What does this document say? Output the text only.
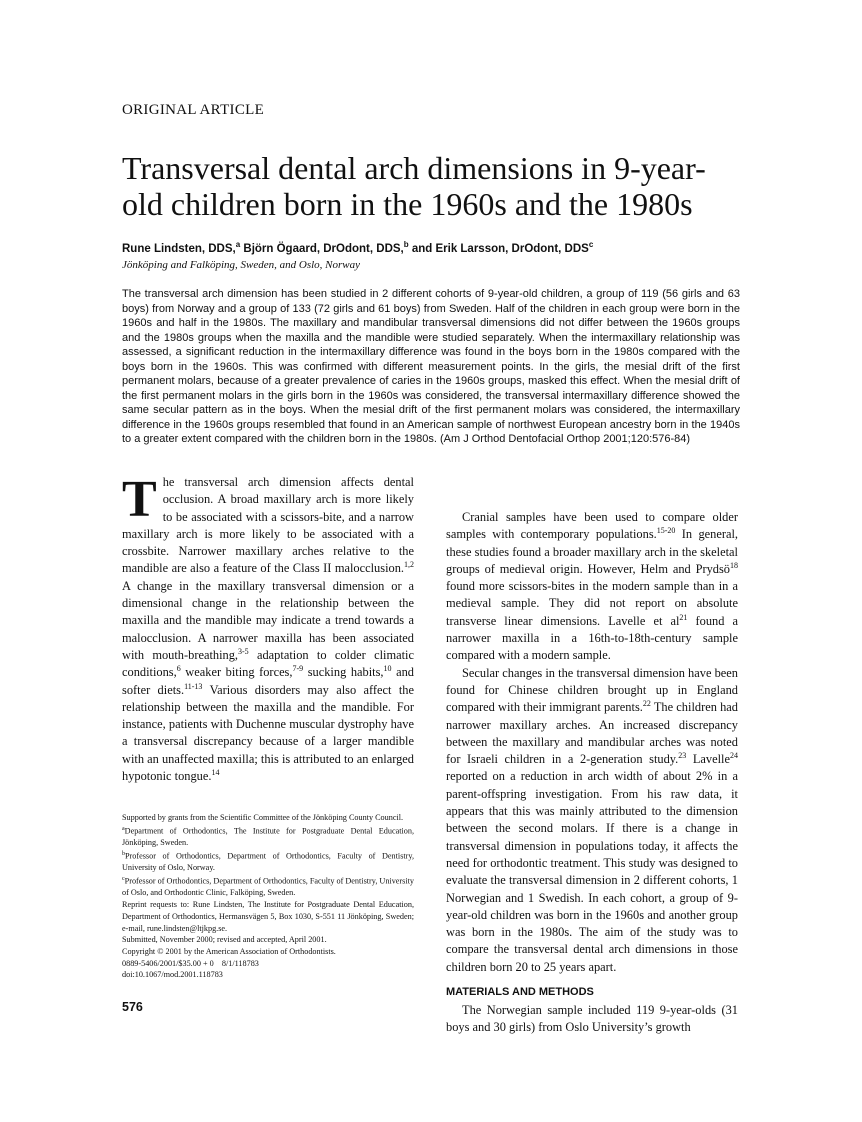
ORIGINAL ARTICLE
Transversal dental arch dimensions in 9-year-old children born in the 1960s and the 1980s
Rune Lindsten, DDS,$^a$ Björn Ögaard, DrOdont, DDS,$^b$ and Erik Larsson, DrOdont, DDS$^c$
Jönköping and Falköping, Sweden, and Oslo, Norway
The transversal arch dimension has been studied in 2 different cohorts of 9-year-old children, a group of 119 (56 girls and 63 boys) from Norway and a group of 133 (72 girls and 61 boys) from Sweden. Half of the children in each group were born in the 1960s and half in the 1980s. The maxillary and mandibular transversal dimensions did not differ between the 1960s groups and the 1980s groups when the maxilla and the mandible were studied separately. When the intermaxillary relationship was assessed, a significant reduction in the intermaxillary difference was found in the boys born in the 1980s compared with the boys born in the 1960s. This was confirmed with different measurement points. In the girls, the mesial drift of the first permanent molars, because of a greater prevalence of caries in the 1960s groups, masked this effect. When the mesial drift of the first permanent molars in the girls born in the 1960s was considered, the transversal intermaxillary difference showed the same secular pattern as in the boys. When the mesial drift of the first permanent molars was considered, the intermaxillary difference in the 1960s groups resembled that found in an American sample of northwest European ancestry born in the 1940s to a greater extent compared with the children born in the 1980s. (Am J Orthod Dentofacial Orthop 2001;120:576-84)
T he transversal arch dimension affects dental occlusion. A broad maxillary arch is more likely to be associated with a scissors-bite, and a narrow maxillary arch is more likely to be associated with a crossbite. Narrower maxillary arches relative to the mandible are also a feature of the Class II malocclusion.$^{1,2}$ A change in the maxillary transversal dimension or a dimensional change in the relationship between the maxilla and the mandible may indicate a trend towards a malocclusion. A narrower maxilla has been associated with mouth-breathing,$^{3-5}$ adaptation to colder climatic conditions,$^6$ weaker biting forces,$^{7-9}$ sucking habits,$^{10}$ and softer diets.$^{11-13}$ Various disorders may also affect the relationship between the maxilla and the mandible. For instance, patients with Duchenne muscular dystrophy have a transversal discrepancy because of a larger mandible with an unaffected maxilla; this is attributed to an enlarged hypotonic tongue.$^{14}$

Cranial samples have been used to compare older samples with contemporary populations.$^{15-20}$ In general, these studies found a broader maxillary arch in the skeletal groups of medieval origin. However, Helm and Prydsö$^{18}$ found more scissors-bites in the modern sample than in a medieval sample. They did not report on absolute transverse linear dimensions. Lavelle et $al^{21}$ found a narrower maxilla in a 16th-to-18th-century sample compared with a modern sample.

Secular changes in the transversal dimension have been found for Chinese children brought up in England compared with their immigrant parents.$^{22}$ The children had narrower maxillary arches. An increased discrepancy between the maxillary and mandibular arches was noted for Israeli children in a 2-generation study.$^{23}$ Lavelle$^{24}$ reported on a reduction in arch width of about 2% in a parent-offspring investigation. From his raw data, it appears that this was mainly attributed to the dimension between the second molars. If there is a change in transversal dimension in populations today, it affects the need for orthodontic treatment. This study was designed to evaluate the transversal dimension in 2 different cohorts, 1 Norwegian and 1 Swedish. In each cohort, a group of 9-year-old children was born in the 1960s and another group was born in the 1980s. The aim of the study was to compare the transversal dental arch dimensions in those children born 20 to 25 years apart.

MATERIALS AND METHODS

The Norwegian sample included 119 9-year-olds (31 boys and 30 girls) from Oslo University’s growth

Supported by grants from the Scientific Committee of the Jönköping County Council.
$^a$Department of Orthodontics, The Institute for Postgraduate Dental Education, Jönköping, Sweden.
$^b$Professor of Orthodontics, Department of Orthodontics, Faculty of Dentistry, University of Oslo, Norway.
$^c$Professor of Orthodontics, Department of Orthodontics, Faculty of Dentistry, University of Oslo, and Orthodontic Clinic, Falköping, Sweden.
Reprint requests to: Rune Lindsten, The Institute for Postgraduate Dental Education, Department of Orthodontics, Hermansvägen 5, Box 1030, S-551 11 Jönköping, Sweden; e-mail, rune.lindsten@ltjkpg.se.
Submitted, November 2000; revised and accepted, April 2001.
Copyright © 2001 by the American Association of Orthodontists.
0889-5406/2001/$35.00 + 0    8/1/118783
doi:10.1067/mod.2001.118783
576
